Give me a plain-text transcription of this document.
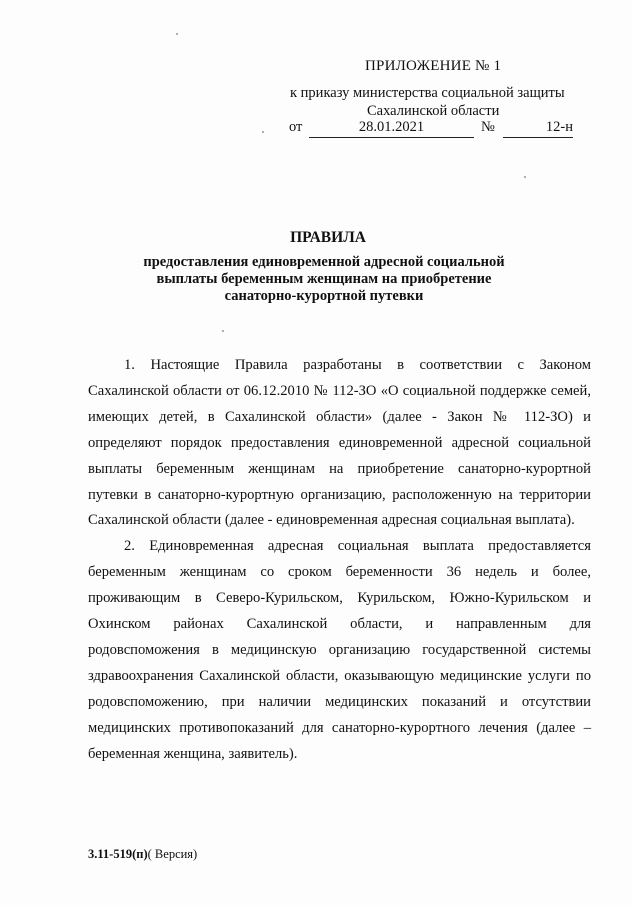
ПРИЛОЖЕНИЕ № 1
к приказу министерства социальной защиты
Сахалинской области
от	28.01.2021	№	12-н
ПРАВИЛА
предоставления единовременной адресной социальной
выплаты беременным женщинам на приобретение
санаторно-курортной путевки

1. Настоящие Правила разработаны в соответствии с Законом Сахалинской области от 06.12.2010 № 112-ЗО «О социальной поддержке семей, имеющих детей, в Сахалинской области» (далее - Закон № 112-ЗО) и определяют порядок предоставления единовременной адресной социальной выплаты беременным женщинам на приобретение санаторно-курортной путевки в санаторно-курортную организацию, расположенную на территории Сахалинской области (далее - единовременная адресная социальная выплата).

2. Единовременная адресная социальная выплата предоставляется беременным женщинам со сроком беременности 36 недель и более, проживающим в Северо-Курильском, Курильском, Южно-Курильском и Охинском районах Сахалинской области, и направленным для родовспоможения в медицинскую организацию государственной системы здравоохранения Сахалинской области, оказывающую медицинские услуги по родовспоможению, при наличии медицинских показаний и отсутствии медицинских противопоказаний для санаторно-курортного лечения (далее – беременная женщина, заявитель).

3.11-519(п)( Версия)
